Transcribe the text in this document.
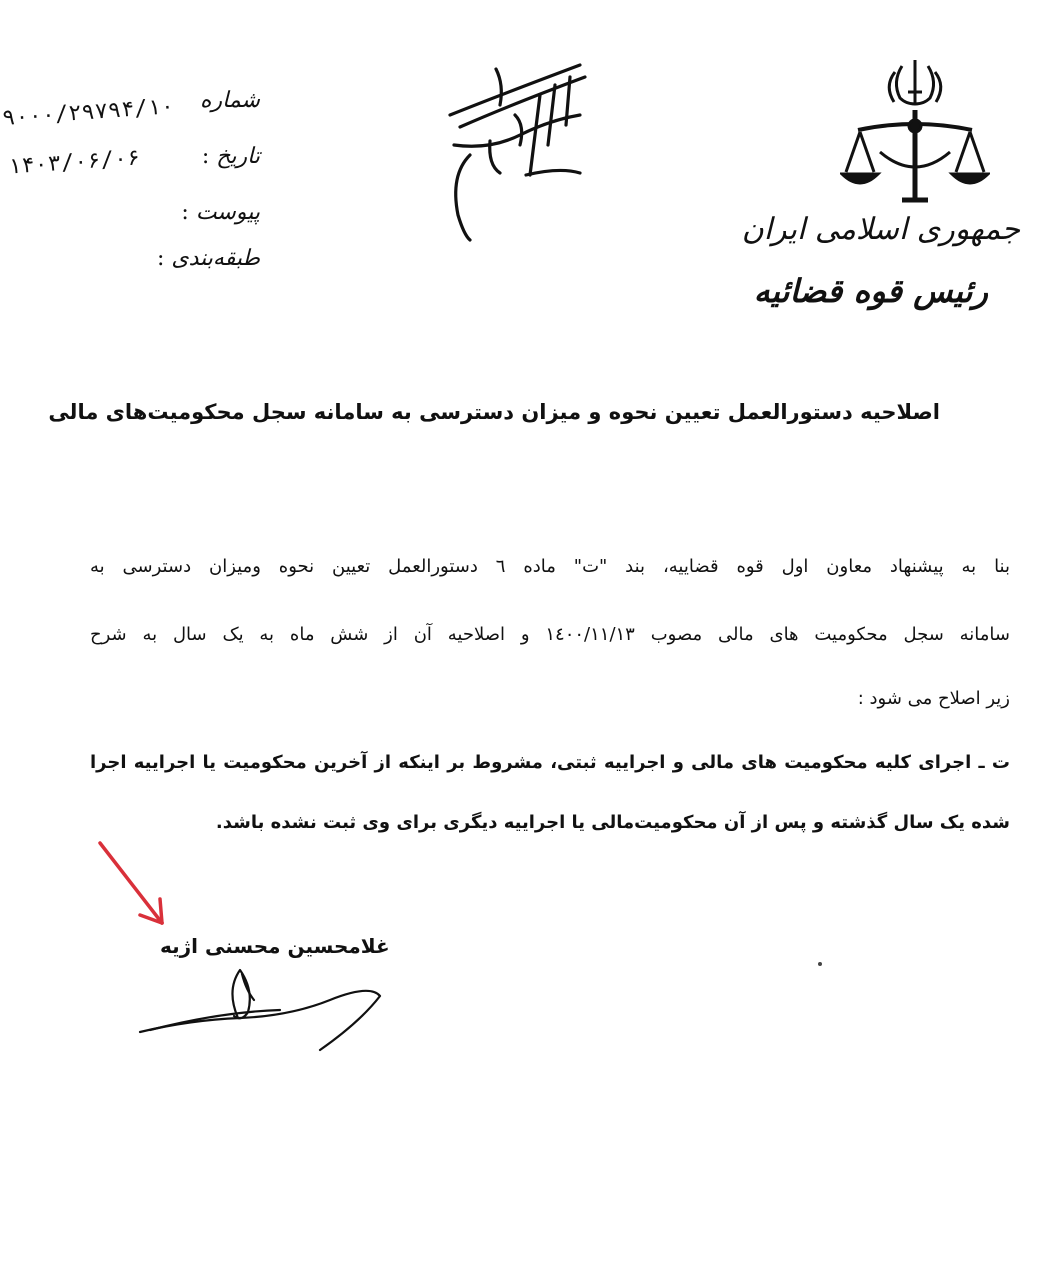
جمهوری اسلامی ایران
رئیس قوه قضائیه
شماره
۹۰۰۰/۲۹۷۹۴/۱۰
تاریخ :
۱۴۰۳/۰۶/۰۶
پیوست :
طبقه‌بندی :
اصلاحیه دستورالعمل تعیین نحوه و میزان دسترسی به سامانه سجل محکومیت‌های مالی
بنا به پیشنهاد معاون اول قوه قضاییه، بند "ت" ماده ٦ دستورالعمل تعیین نحوه ومیزان دسترسی به
سامانه سجل محکومیت های مالی مصوب ١٤٠٠/١١/١٣ و اصلاحیه آن از شش ماه به یک سال به شرح
زیر اصلاح می شود :
ت ـ اجرای کلیه محکومیت های مالی و اجراییه ثبتی، مشروط بر اینکه از آخرین محکومیت یا اجراییه اجرا
شده یک سال گذشته و پس از آن محکومیت‌مالی یا اجراییه دیگری برای وی ثبت نشده باشد.
غلامحسین محسنی اژیه
